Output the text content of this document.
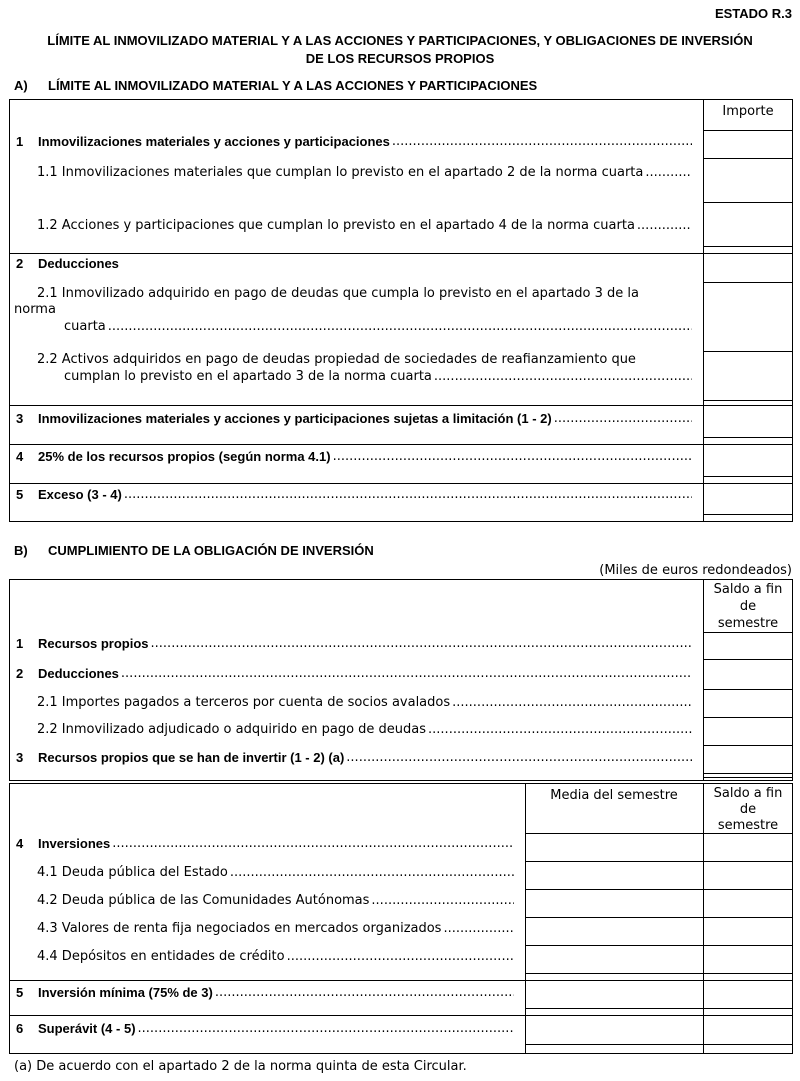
ESTADO R.3
LÍMITE AL INMOVILIZADO MATERIAL Y A LAS ACCIONES Y PARTICIPACIONES, Y OBLIGACIONES DE INVERSIÓN
DE LOS RECURSOS PROPIOS
A) LÍMITE AL INMOVILIZADO MATERIAL Y A LAS ACCIONES Y PARTICIPACIONES
Importe
1 Inmovilizaciones materiales y acciones y participaciones
.....
1.1 Inmovilizaciones materiales que cumplan lo previsto en el apartado 2 de la norma cuarta
.....
1.2 Acciones y participaciones que cumplan lo previsto en el apartado 4 de la norma cuarta
.....
2 Deducciones
2.1 Inmovilizado adquirido en pago de deudas que cumpla lo previsto en el apartado 3 de la
norma
cuarta
.....
2.2 Activos adquiridos en pago de deudas propiedad de sociedades de reafianzamiento que
cumplan lo previsto en el apartado 3 de la norma cuarta
.....
3 Inmovilizaciones materiales y acciones y participaciones sujetas a limitación (1 - 2)
.....
4 25% de los recursos propios (según norma 4.1)
.....
5 Exceso (3 - 4)
.....
B) CUMPLIMIENTO DE LA OBLIGACIÓN DE INVERSIÓN
(Miles de euros redondeados)
Saldo a fin
de
semestre
1 Recursos propios
.....
2 Deducciones
.....
2.1 Importes pagados a terceros por cuenta de socios avalados
.....
2.2 Inmovilizado adjudicado o adquirido en pago de deudas
.....
3 Recursos propios que se han de invertir (1 - 2) (a)
.....
Media del semestre	Saldo a fin
de
semestre
4 Inversiones
.....
4.1 Deuda pública del Estado
.....
4.2 Deuda pública de las Comunidades Autónomas
.....
4.3 Valores de renta fija negociados en mercados organizados
.....
4.4 Depósitos en entidades de crédito
.....
5 Inversión mínima (75% de 3)
.....
6 Superávit (4 - 5)
.....
(a) De acuerdo con el apartado 2 de la norma quinta de esta Circular.
